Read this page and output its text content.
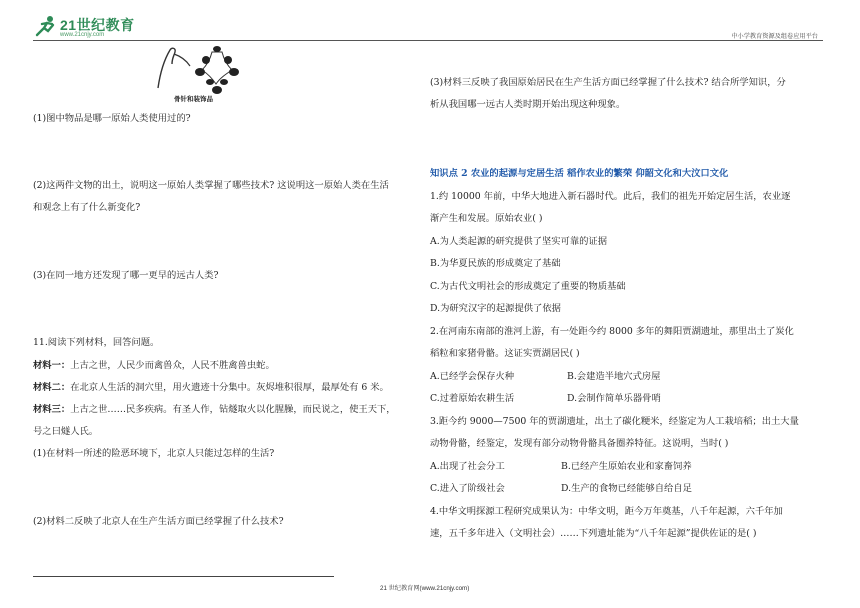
21世纪教育
www.21cnjy.com	中小学教育资源及组卷应用平台
骨针和装饰品
(1)图中物品是哪一原始人类使用过的?
(2)这两件文物的出土，说明这一原始人类掌握了哪些技术? 这说明这一原始人类在生活
和观念上有了什么新变化?
(3)在同一地方还发现了哪一更早的远古人类?
11.阅读下列材料，回答问题。
材料一：上古之世，人民少而禽兽众，人民不胜禽兽虫蛇。
材料二：在北京人生活的洞穴里，用火遗迹十分集中。灰烬堆积很厚，最厚处有 6 米。
材料三：上古之世……民多疾病。有圣人作，钻燧取火以化腥臊，而民说之，使王天下，
号之曰燧人氏。
(1)在材料一所述的险恶环境下，北京人只能过怎样的生活?
(2)材料二反映了北京人在生产生活方面已经掌握了什么技术?
(3)材料三反映了我国原始居民在生产生活方面已经掌握了什么技术? 结合所学知识，分
析从我国哪一远古人类时期开始出现这种现象。
知识点 2 农业的起源与定居生活 稻作农业的繁荣 仰韶文化和大汶口文化
1.约 10000 年前，中华大地进入新石器时代。此后，我们的祖先开始定居生活，农业逐
渐产生和发展。原始农业( )
A.为人类起源的研究提供了坚实可靠的证据
B.为华夏民族的形成奠定了基础
C.为古代文明社会的形成奠定了重要的物质基础
D.为研究汉字的起源提供了依据
2.在河南东南部的淮河上游，有一处距今约 8000 多年的舞阳贾湖遗址，那里出土了炭化
稻粒和家猪骨骼。这证实贾湖居民( )
A.已经学会保存火种	B.会建造半地穴式房屋
C.过着原始农耕生活	D.会制作简单乐器骨哨
3.距今约 9000—7500 年的贾湖遗址，出土了碳化粳米，经鉴定为人工栽培稻；出土大量
动物骨骼，经鉴定，发现有部分动物骨骼具备圈养特征。这说明，当时( )
A.出现了社会分工	B.已经产生原始农业和家畜饲养
C.进入了阶级社会	D.生产的食物已经能够自给自足
4.中华文明探源工程研究成果认为：中华文明，距今万年奠基，八千年起源，六千年加
速，五千多年进入（文明社会）……下列遗址能为“八千年起源”提供佐证的是( )
21 世纪教育网(www.21cnjy.com)
